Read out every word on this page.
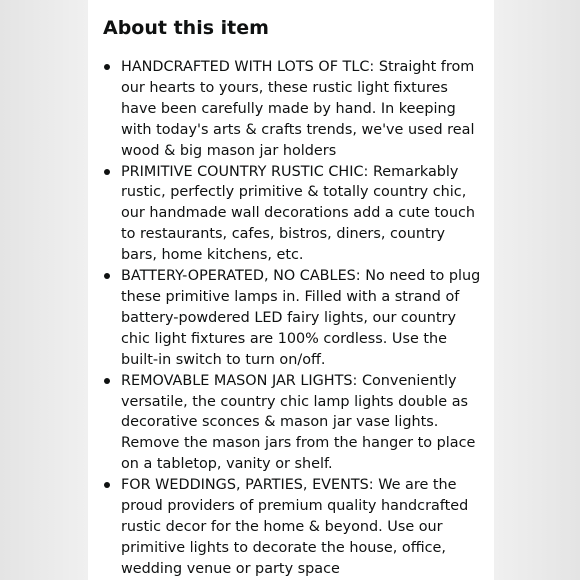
About this item
HANDCRAFTED WITH LOTS OF TLC: Straight from our hearts to yours, these rustic light fixtures have been carefully made by hand. In keeping with today's arts & crafts trends, we've used real wood & big mason jar holders
PRIMITIVE COUNTRY RUSTIC CHIC: Remarkably rustic, perfectly primitive & totally country chic, our handmade wall decorations add a cute touch to restaurants, cafes, bistros, diners, country bars, home kitchens, etc.
BATTERY-OPERATED, NO CABLES: No need to plug these primitive lamps in. Filled with a strand of battery-powdered LED fairy lights, our country chic light fixtures are 100% cordless. Use the built-in switch to turn on/off.
REMOVABLE MASON JAR LIGHTS: Conveniently versatile, the country chic lamp lights double as decorative sconces & mason jar vase lights. Remove the mason jars from the hanger to place on a tabletop, vanity or shelf.
FOR WEDDINGS, PARTIES, EVENTS: We are the proud providers of premium quality handcrafted rustic decor for the home & beyond. Use our primitive lights to decorate the house, office, wedding venue or party space
